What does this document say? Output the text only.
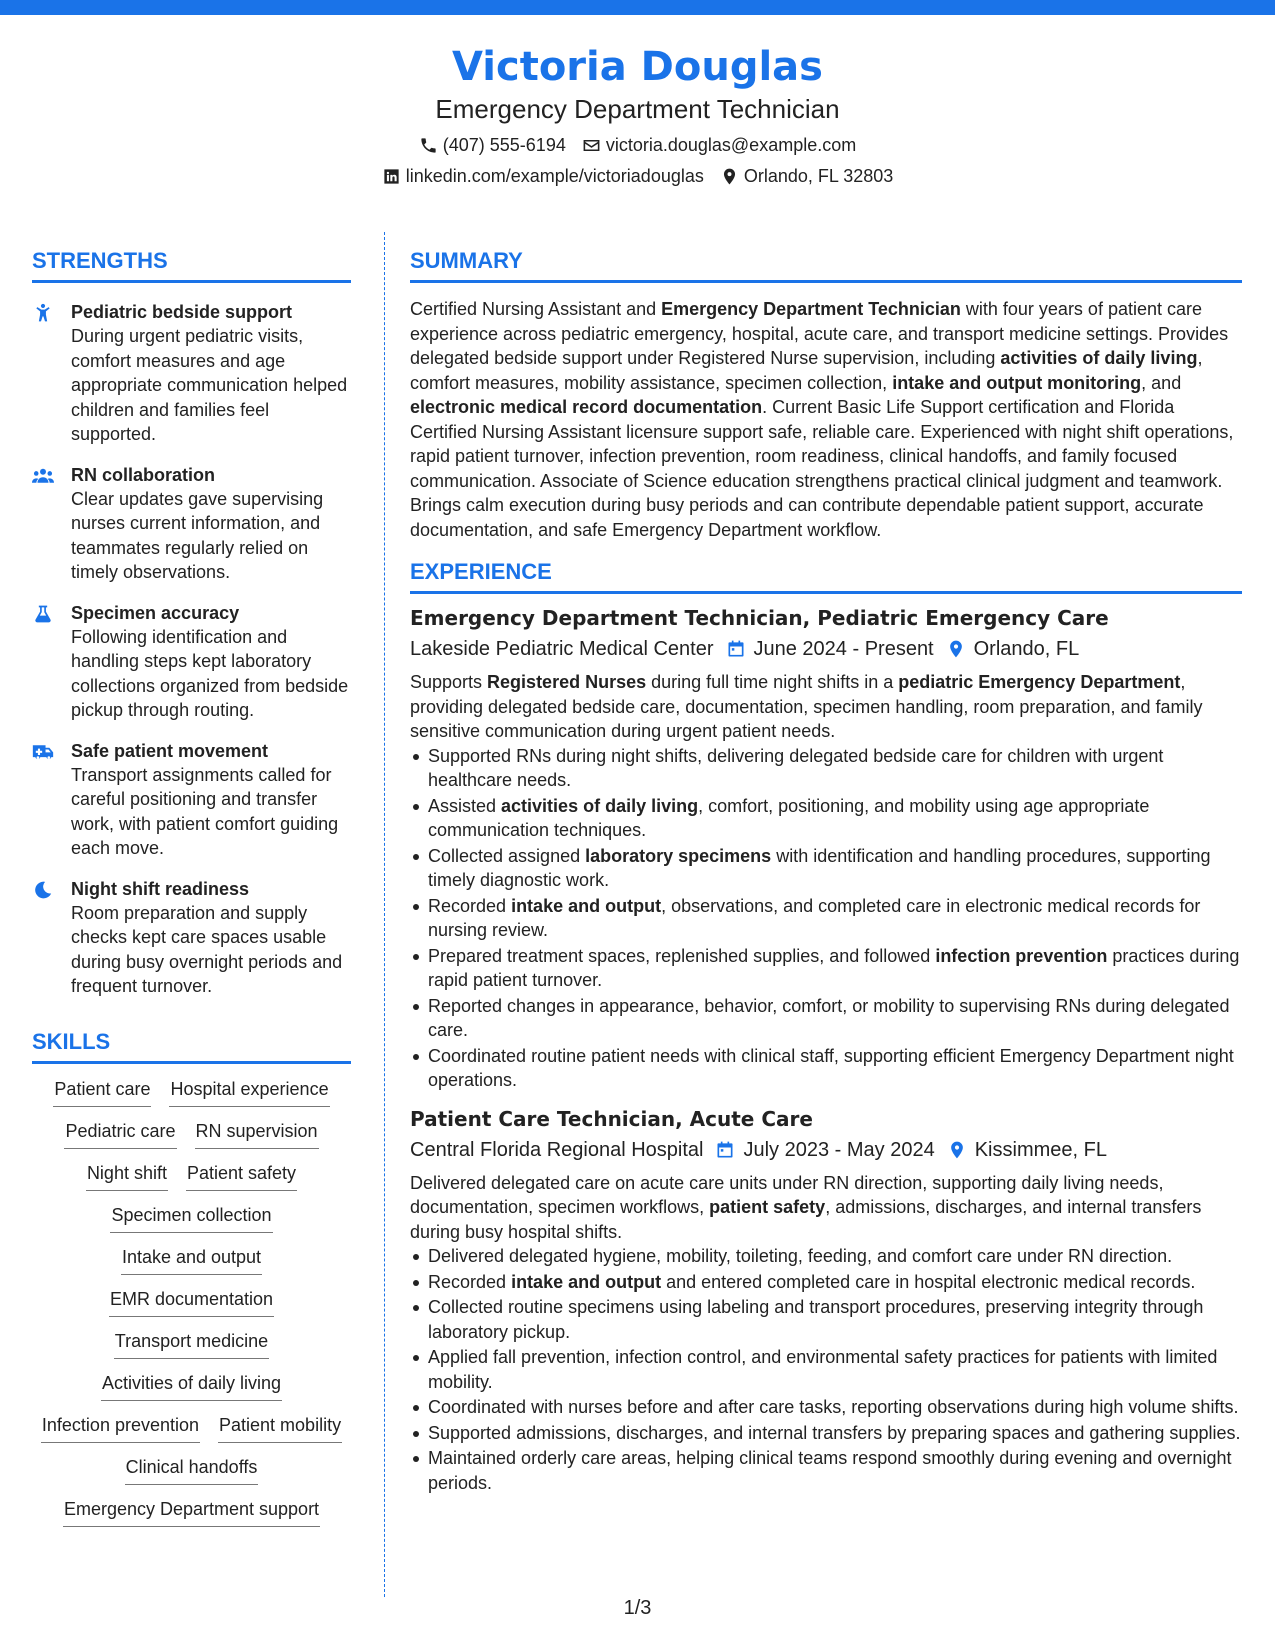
Victoria Douglas
Emergency Department Technician
(407) 555-6194 victoria.douglas@example.com
linkedin.com/example/victoriadouglas Orlando, FL 32803
STRENGTHS
Pediatric bedside support
During urgent pediatric visits, comfort measures and age appropriate communication helped children and families feel supported.
RN collaboration
Clear updates gave supervising nurses current information, and teammates regularly relied on timely observations.
Specimen accuracy
Following identification and handling steps kept laboratory collections organized from bedside pickup through routing.
Safe patient movement
Transport assignments called for careful positioning and transfer work, with patient comfort guiding each move.
Night shift readiness
Room preparation and supply checks kept care spaces usable during busy overnight periods and frequent turnover.
SKILLS
Patient care Hospital experience
Pediatric care RN supervision
Night shift Patient safety
Specimen collection
Intake and output
EMR documentation
Transport medicine
Activities of daily living
Infection prevention Patient mobility
Clinical handoffs
Emergency Department support
SUMMARY
Certified Nursing Assistant and Emergency Department Technician with four years of patient care experience across pediatric emergency, hospital, acute care, and transport medicine settings. Provides delegated bedside support under Registered Nurse supervision, including activities of daily living, comfort measures, mobility assistance, specimen collection, intake and output monitoring, and electronic medical record documentation. Current Basic Life Support certification and Florida Certified Nursing Assistant licensure support safe, reliable care. Experienced with night shift operations, rapid patient turnover, infection prevention, room readiness, clinical handoffs, and family focused communication. Associate of Science education strengthens practical clinical judgment and teamwork. Brings calm execution during busy periods and can contribute dependable patient support, accurate documentation, and safe Emergency Department workflow.
EXPERIENCE
Emergency Department Technician, Pediatric Emergency Care
Lakeside Pediatric Medical Center June 2024 - Present Orlando, FL
Supports Registered Nurses during full time night shifts in a pediatric Emergency Department, providing delegated bedside care, documentation, specimen handling, room preparation, and family sensitive communication during urgent patient needs.
Supported RNs during night shifts, delivering delegated bedside care for children with urgent healthcare needs.
Assisted activities of daily living, comfort, positioning, and mobility using age appropriate communication techniques.
Collected assigned laboratory specimens with identification and handling procedures, supporting timely diagnostic work.
Recorded intake and output, observations, and completed care in electronic medical records for nursing review.
Prepared treatment spaces, replenished supplies, and followed infection prevention practices during rapid patient turnover.
Reported changes in appearance, behavior, comfort, or mobility to supervising RNs during delegated care.
Coordinated routine patient needs with clinical staff, supporting efficient Emergency Department night operations.
Patient Care Technician, Acute Care
Central Florida Regional Hospital July 2023 - May 2024 Kissimmee, FL
Delivered delegated care on acute care units under RN direction, supporting daily living needs, documentation, specimen workflows, patient safety, admissions, discharges, and internal transfers during busy hospital shifts.
Delivered delegated hygiene, mobility, toileting, feeding, and comfort care under RN direction.
Recorded intake and output and entered completed care in hospital electronic medical records.
Collected routine specimens using labeling and transport procedures, preserving integrity through laboratory pickup.
Applied fall prevention, infection control, and environmental safety practices for patients with limited mobility.
Coordinated with nurses before and after care tasks, reporting observations during high volume shifts.
Supported admissions, discharges, and internal transfers by preparing spaces and gathering supplies.
Maintained orderly care areas, helping clinical teams respond smoothly during evening and overnight periods.
1/3
